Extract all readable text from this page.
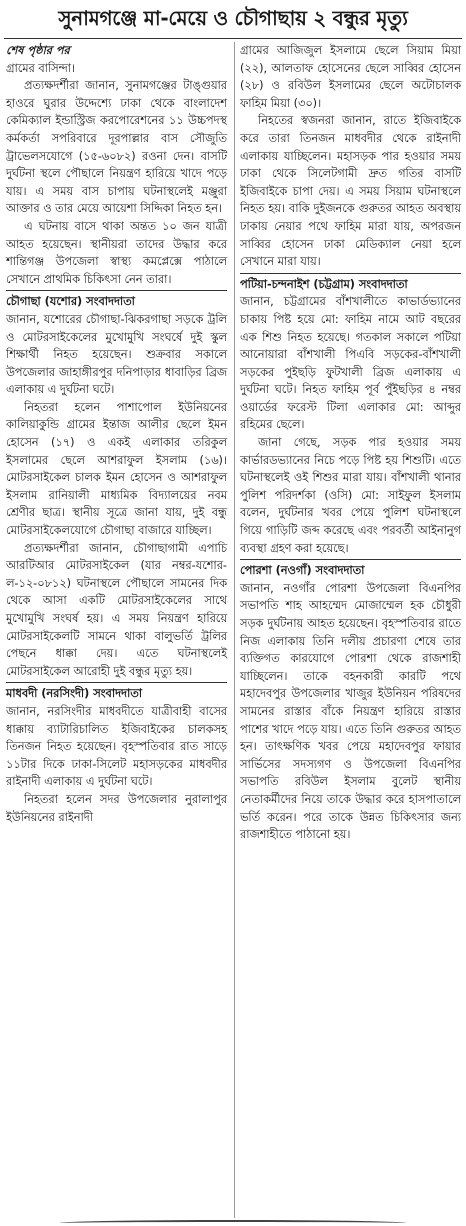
সুনামগঞ্জে মা-মেয়ে ও চৌগাছায় ২ বন্ধুর মৃত্যু

শেষ পৃষ্ঠার পর

গ্রামের বাসিন্দা।

প্রত্যক্ষদর্শীরা জানান, সুনামগঞ্জের টাঙ্গুয়ার হাওরে ঘুরার উদ্দেশ্যে ঢাকা থেকে বাংলাদেশ কেমিক্যাল ইন্ডাস্ট্রিজ করপোরেশনের ১১ উচ্চপদস্থ কর্মকর্তা সপরিবারে দূরপাল্লার বাস সৌজুতি ট্রাভেলসযোগে (১৫-৬০৮২) রওনা দেন। বাসটি দুর্ঘটনা স্থলে পৌছালে নিয়ন্ত্রণ হারিয়ে খাদে পড়ে যায়। এ সময় বাস চাপায় ঘটনাস্থলেই মঞ্জুরা আক্তার ও তার মেয়ে আয়েশা সিদ্দিকা নিহত হন।

এ ঘটনায় বাসে থাকা অন্তত ১০ জন যাত্রী আহত হয়েছেন। স্থানীয়রা তাদের উদ্ধার করে শান্তিগঞ্জ উপজেলা স্বাস্থ্য কমপ্লেক্সে পাঠালে সেখানে প্রাথমিক চিকিৎসা নেন তারা।

চৌগাছা (যশোর) সংবাদদাতা

জানান, যশোরের চৌগাছা-ঝিকরগাছা সড়কে ট্রলি ও মোটরসাইকেলের মুখোমুখি সংঘর্ষে দুই স্কুল শিক্ষার্থী নিহত হয়েছেন। শুক্রবার সকালে উপজেলার জাহাঙ্গীরপুর দনিপাড়ার ধাবাড়ির ব্রিজ এলাকায় এ দুর্ঘটনা ঘটে।

নিহতরা হলেন পাশাপোল ইউনিয়নের কালিয়াকুন্ডি গ্রামের ইন্তাজ আলীর ছেলে ইমন হোসেন (১৭) ও একই এলাকার তরিকুল ইসলামের ছেলে আশরাফুল ইসলাম (১৬)। মোটরসাইকেল চালক ইমন হোসেন ও আশরাফুল ইসলাম রানিয়ালী মাধ্যমিক বিদ্যালয়ের নবম শ্রেণীর ছাত্র। স্থানীয় সূত্রে জানা যায়, দুই বন্ধু মোটরসাইকেলযোগে চৌগাছা বাজারে যাচ্ছিল।

প্রত্যক্ষদর্শীরা জানান, চৌগাছাগামী এপাচি আরটিআর মোটরসাইকেল (যার নম্বর-যশোর-ল-১২-০৮১২) ঘটনাস্থলে পৌছালে সামনের দিক থেকে আসা একটি মোটরসাইকেলের সাথে মুখোমুখি সংঘর্ষ হয়। এ সময় নিয়ন্ত্রণ হারিয়ে মোটরসাইকেলটি সামনে থাকা বালুভর্তি ট্রলির পেছনে ধাক্কা দেয়। এতে ঘটনাস্থলেই মোটরসাইকেল আরোহী দুই বন্ধুর মৃত্যু হয়।

মাধবদী (নরসিংদী) সংবাদদাতা

জানান, নরসিংদীর মাধবদীতে যাত্রীবাহী বাসের ধাক্কায় ব্যাটারিচালিত ইজিবাইকের চালকসহ তিনজন নিহত হয়েছেন। বৃহস্পতিবার রাত সাড়ে ১১টার দিকে ঢাকা-সিলেট মহাসড়কের মাধবদীর রাইনাদী এলাকায় এ দুর্ঘটনা ঘটে।

নিহতরা হলেন সদর উপজেলার নুরালাপুর ইউনিয়নের রাইনাদী

গ্রামের আজিজুল ইসলামে ছেলে সিয়াম মিয়া (২২), আলতাফ হোসেনের ছেলে সাব্বির হোসেন (২৮) ও রবিউল ইসলামের ছেলে অটোচালক ফাহিম মিয়া (৩০)।

নিহতের স্বজনরা জানান, রাতে ইজিবাইকে করে তারা তিনজন মাধবদীর থেকে রাইনাদী এলাকায় যাচ্ছিলেন। মহাসড়ক পার হওয়ার সময় ঢাকা থেকে সিলেটগামী দ্রুত গতির বাসটি ইজিবাইকে চাপা দেয়। এ সময় সিয়াম ঘটনাস্থলে নিহত হয়। বাকি দুইজনকে গুরুতর আহত অবস্থায় ঢাকায় নেয়ার পথে ফাহিম মারা যায়, অপরজন সাব্বির হোসেন ঢাকা মেডিক্যাল নেয়া হলে সেখানে মারা যায়।

পটিয়া-চন্দনাইশ (চট্টগ্রাম) সংবাদদাতা

জানান, চট্টগ্রামের বাঁশখালীতে কাভার্ডভ্যানের চাকায় পিষ্ট হয়ে মো: ফাহিম নামে আট বছরের এক শিশু নিহত হয়েছে। গতকাল সকালে পটিয়া আনোয়ারা বাঁশখালী পিএবি সড়কের-বাঁশখালী সড়কের পুইছড়ি ফুটখালী ব্রিজ এলাকায় এ দুর্ঘটনা ঘটে। নিহত ফাহিম পূর্ব পুঁইছড়ির ৪ নম্বর ওয়ার্ডের ফরেস্ট টিলা এলাকার মো: আব্দুর রহিমের ছেলে।

জানা গেছে, সড়ক পার হওয়ার সময় কার্ভারডভ্যানের নিচে পড়ে পিষ্ট হয় শিশুটি। এতে ঘটনাস্থলেই ওই শিশুর মারা যায়। বাঁশখালী থানার পুলিশ পরিদর্শকা (ওসি) মো: সাইফুল ইসলাম বলেন, দুর্ঘটনার খবর পেয়ে পুলিশ ঘটনাস্থলে গিয়ে গাড়িটি জব্দ করেছে এবং পরবর্তী আইনানুগ ব্যবস্থা গ্রহণ করা হয়েছে।

পোরশা (নওগাঁ) সংবাদদাতা

জানান, নওগাঁর পোরশা উপজেলা বিএনপির সভাপতি শাহ আহম্মেদ মোজাম্মেল হক চৌধুরী সড়ক দুর্ঘটনায় আহত হয়েছেন। বৃহস্পতিবার রাতে নিজ এলাকায় তিনি দলীয় প্রচারণা শেষে তার ব্যক্তিগত কারযোগে পোরশা থেকে রাজশাহী যাচ্ছিলেন। তাকে বহনকারী কারটি পথে মহাদেবপুর উপজেলার খাজুর ইউনিয়ন পরিষদের সামনের রাস্তার বাঁকে নিয়ন্ত্রণ হারিয়ে রাস্তার পাশের খাদে পড়ে যায়। এতে তিনি গুরুতর আহত হন। তাৎক্ষণিক খবর পেয়ে মহাদেবপুর ফায়ার সার্ভিসের সদস্যগণ ও উপজেলা বিএনপির সভাপতি রবিউল ইসলাম বুলেট স্থানীয় নেতাকর্মীদের নিয়ে তাকে উদ্ধার করে হাসপাতালে ভর্তি করেন। পরে তাকে উন্নত চিকিৎসার জন্য রাজশাহীতে পাঠানো হয়।
